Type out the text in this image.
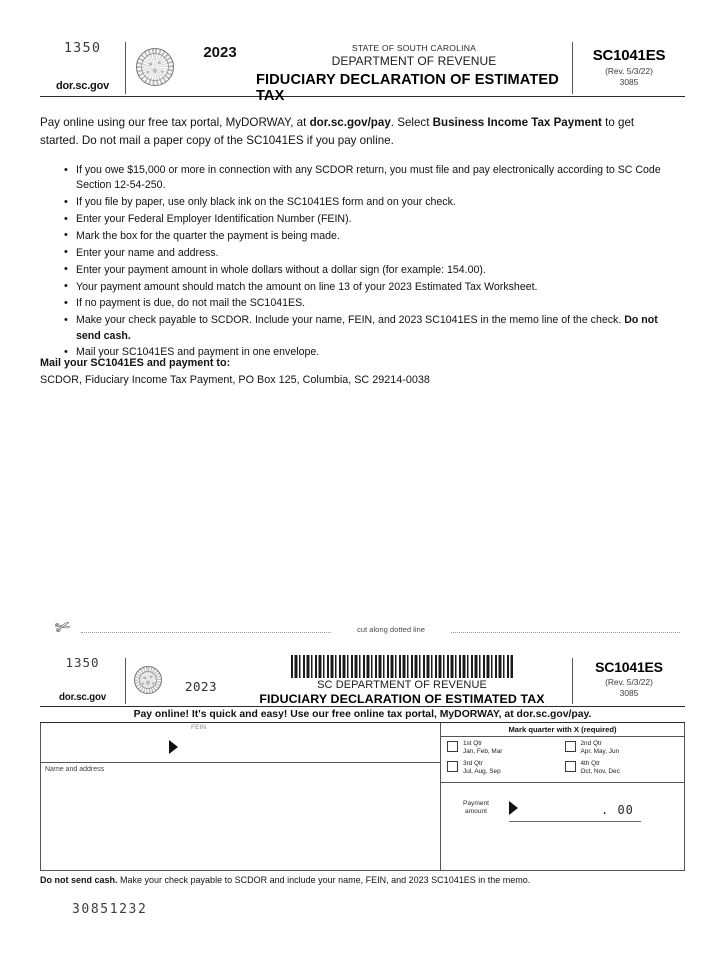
1350
dor.sc.gov
2023	STATE OF SOUTH CAROLINA
DEPARTMENT OF REVENUE
FIDUCIARY DECLARATION OF ESTIMATED TAX
SC1041ES
(Rev. 5/3/22)
3085
Pay online using our free tax portal, MyDORWAY, at dor.sc.gov/pay. Select Business Income Tax Payment to get started. Do not mail a paper copy of the SC1041ES if you pay online.
• If you owe $15,000 or more in connection with any SCDOR return, you must file and pay electronically according to SC Code Section 12-54-250.
• If you file by paper, use only black ink on the SC1041ES form and on your check.
• Enter your Federal Employer Identification Number (FEIN).
• Mark the box for the quarter the payment is being made.
• Enter your name and address.
• Enter your payment amount in whole dollars without a dollar sign (for example: 154.00).
• Your payment amount should match the amount on line 13 of your 2023 Estimated Tax Worksheet.
• If no payment is due, do not mail the SC1041ES.
• Make your check payable to SCDOR. Include your name, FEIN, and 2023 SC1041ES in the memo line of the check. Do not send cash.
• Mail your SC1041ES and payment in one envelope.
Mail your SC1041ES and payment to:
SCDOR, Fiduciary Income Tax Payment, PO Box 125, Columbia, SC 29214-0038
✄	cut along dotted line
1350
dor.sc.gov
2023	SC DEPARTMENT OF REVENUE
FIDUCIARY DECLARATION OF ESTIMATED TAX
SC1041ES
(Rev. 5/3/22)
3085
Pay online! It's quick and easy! Use our free online tax portal, MyDORWAY, at dor.sc.gov/pay.
FEIN
Name and address
Mark quarter with X (required)
1st Qtr
Jan, Feb, Mar
2nd Qtr
Apr, May, Jun
3rd Qtr
Jul, Aug, Sep
4th Qtr
Oct, Nov, Dec
Payment
amount	. 00
Do not send cash. Make your check payable to SCDOR and include your name, FEIN, and 2023 SC1041ES in the memo.
30851232
